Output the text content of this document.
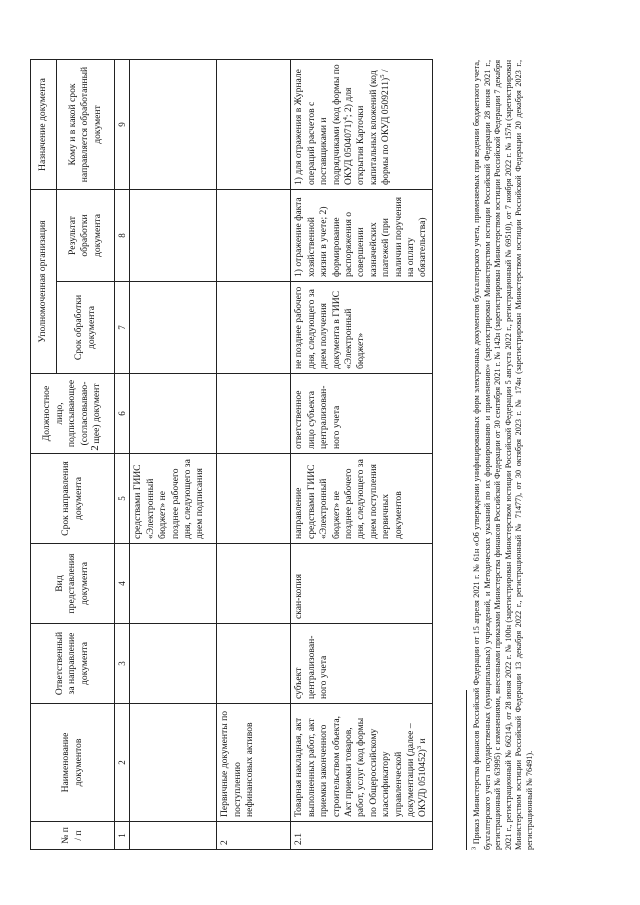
2
№ п / п	Наименование документов	Ответственный за направление документа	Вид представления документа	Срок направления документа	Должностное лицо, подписывающее (согласовываю-щее) документ	Уполномоченная организация		Назначение документа
						Срок обработки документа	Результат обработки документа	Кому и в какой срок направляется обработанный документ
1	2	3	4	5	6	7	8	9
				средствами ГИИС «Электронный бюджет» не позднее рабочего дня, следующего за днем подписания				
2	Первичные документы по поступлению нефинансовых активов							
2.1	Товарная накладная, акт выполненных работ, акт приемки законченного строительством объекта, Акт приемки товаров, работ, услуг (код формы по Общероссийскому классификатору управленческой документации (далее – ОКУД) 0510452)$^3$ и	субъект централизован-ного учета	скан-копия	направление средствами ГИИС «Электронный бюджет» не позднее рабочего дня, следующего за днем поступления первичных документов	ответственное лицо субъекта централизован-ного учета	не позднее рабочего дня, следующего за днем получения документа в ГИИС «Электронный бюджет»	1) отражение факта хозяйственной жизни в учете; 2) формирование распоряжения о совершении казначейских платежей (при наличии поручения на оплату обязательства)	1) для отражения в Журнале операций расчетов с поставщиками и подрядчиками (код формы по ОКУД 0504071)$^4$; 2) для открытия Карточки капитальных вложений (код формы по ОКУД 0509211)$^5$ /
$^3$ Приказ Министерства финансов Российской Федерации от 15 апреля 2021 г. № 61н «Об утверждении унифицированных форм электронных документов бухгалтерского учета, применяемых при ведении бюджетного учета, бухгалтерского учета государственных (муниципальных) учреждений, и Методических указаний по их формированию и применению» (зарегистрирован Министерством юстиции Российской Федерации 28 июня 2021 г., регистрационный № 63995) с изменениями, внесенными приказами Министерства финансов Российской Федерации от 30 сентября 2021 г. № 142н (зарегистрирован Министерством юстиции Российской Федерации 7 декабря 2021 г., регистрационный № 66214), от 28 июня 2022 г. № 100н (зарегистрирован Министерством юстиции Российской Федерации 5 августа 2022 г., регистрационный № 69510), от 7 ноября 2022 г. № 157н (зарегистрирован Министерством юстиции Российской Федерации 13 декабря 2022 г., регистрационный № 71477), от 30 октября 2023 г. № 174н (зарегистрирован Министерством юстиции Российской Федерации 20 декабря 2023 г., регистрационный № 76491).
